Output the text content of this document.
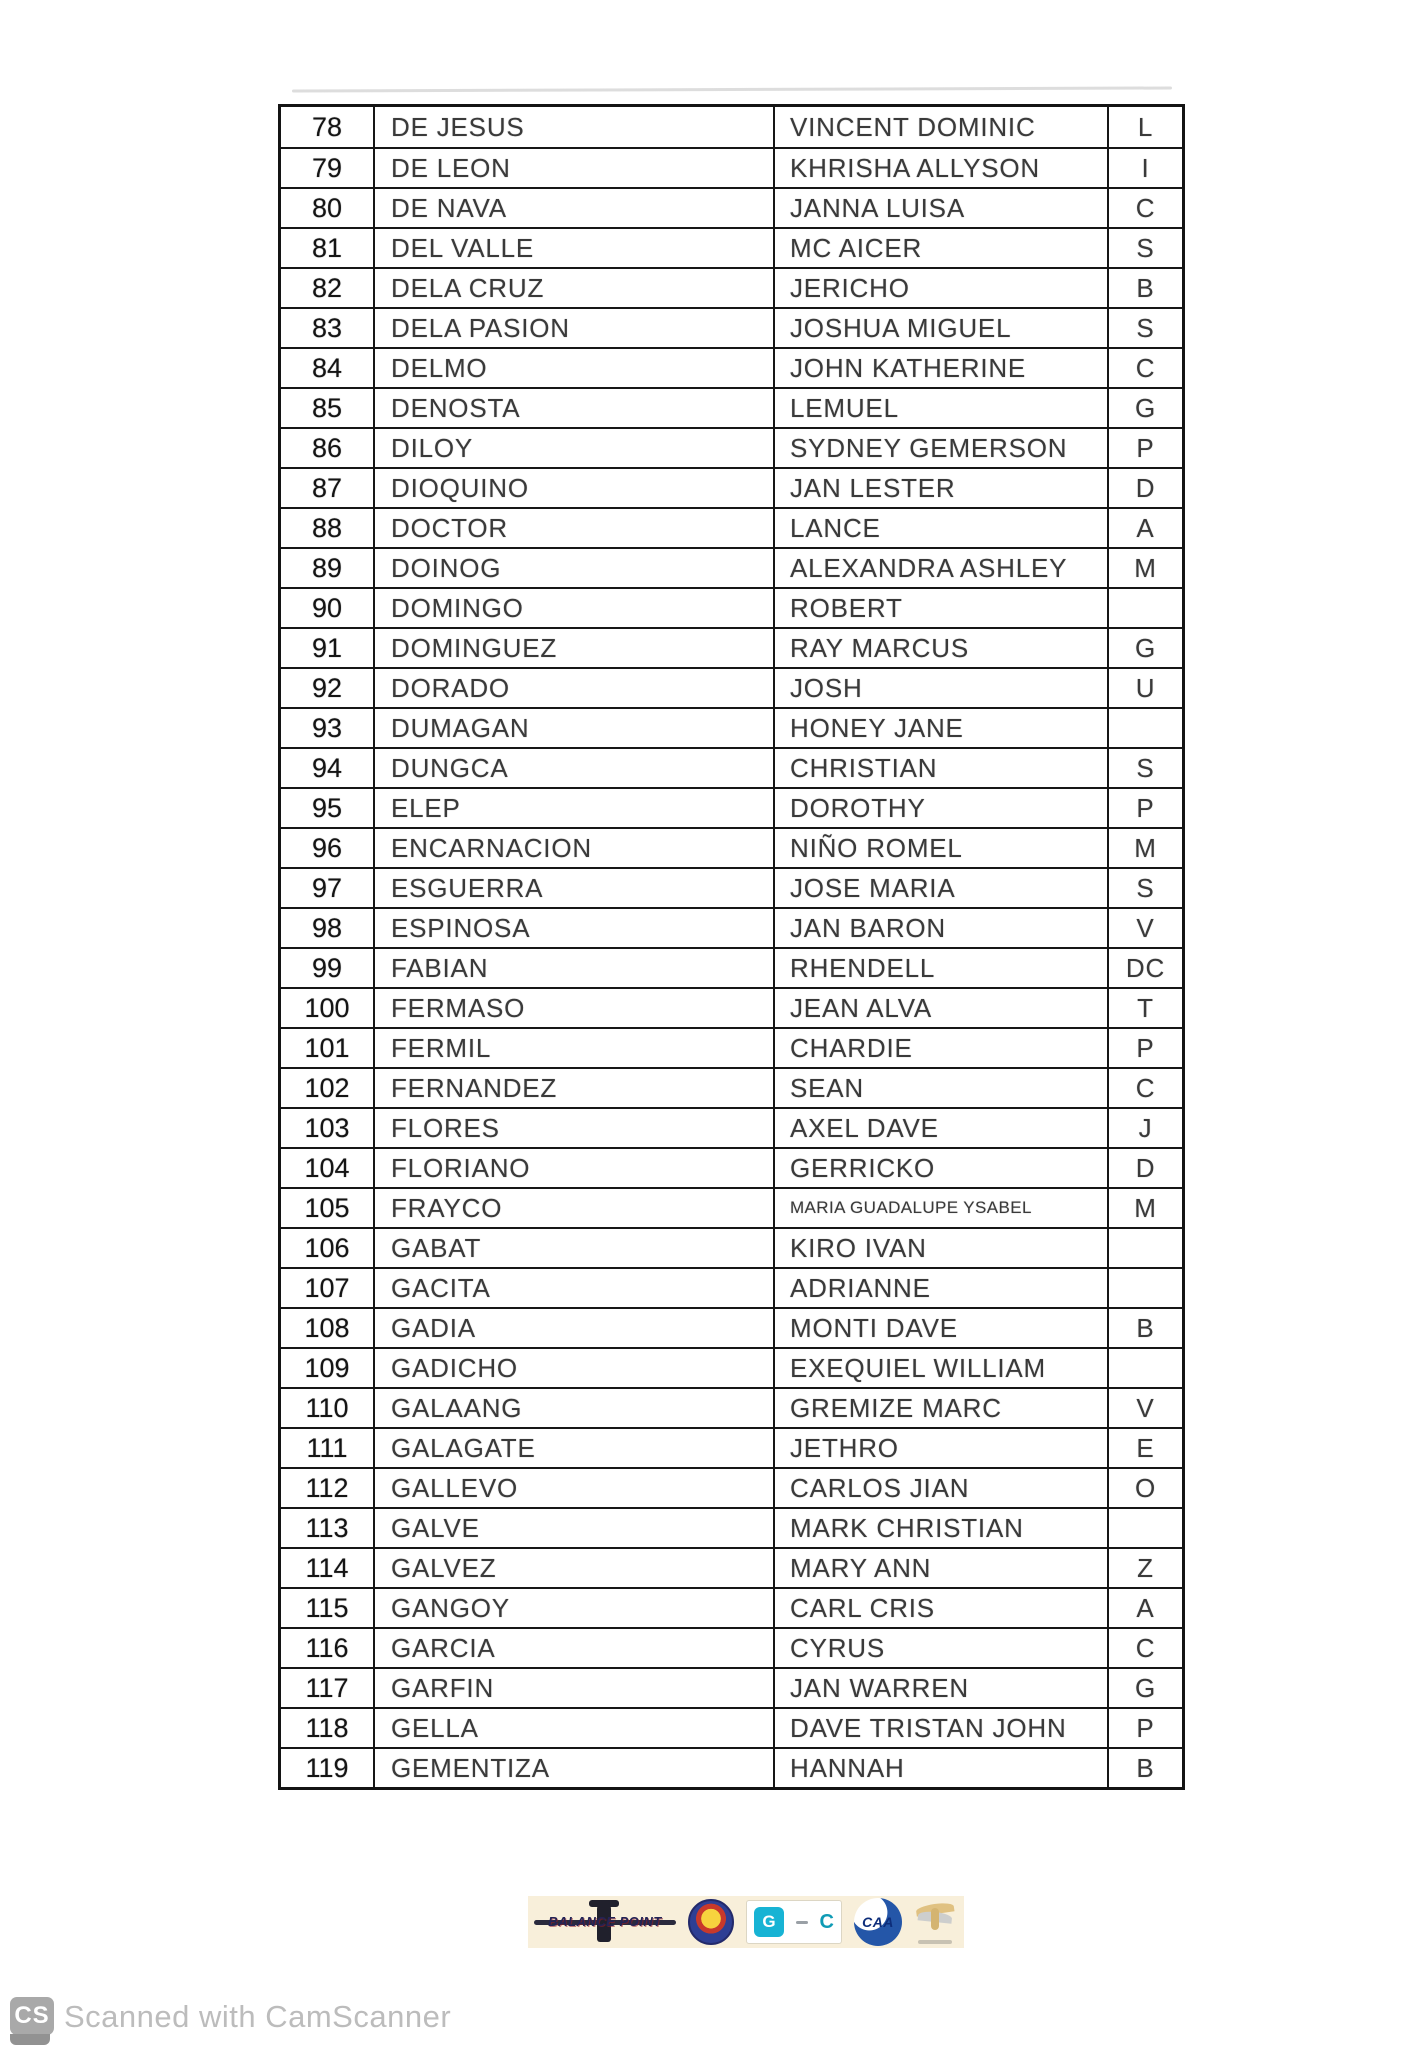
78	DE JESUS	VINCENT DOMINIC	L
79	DE LEON	KHRISHA ALLYSON	I
80	DE NAVA	JANNA LUISA	C
81	DEL VALLE	MC AICER	S
82	DELA CRUZ	JERICHO	B
83	DELA PASION	JOSHUA MIGUEL	S
84	DELMO	JOHN KATHERINE	C
85	DENOSTA	LEMUEL	G
86	DILOY	SYDNEY GEMERSON	P
87	DIOQUINO	JAN LESTER	D
88	DOCTOR	LANCE	A
89	DOINOG	ALEXANDRA ASHLEY	M
90	DOMINGO	ROBERT
91	DOMINGUEZ	RAY MARCUS	G
92	DORADO	JOSH	U
93	DUMAGAN	HONEY JANE
94	DUNGCA	CHRISTIAN	S
95	ELEP	DOROTHY	P
96	ENCARNACION	NIÑO ROMEL	M
97	ESGUERRA	JOSE MARIA	S
98	ESPINOSA	JAN BARON	V
99	FABIAN	RHENDELL	DC
100	FERMASO	JEAN ALVA	T
101	FERMIL	CHARDIE	P
102	FERNANDEZ	SEAN	C
103	FLORES	AXEL DAVE	J
104	FLORIANO	GERRICKO	D
105	FRAYCO	MARIA GUADALUPE YSABEL	M
106	GABAT	KIRO IVAN
107	GACITA	ADRIANNE
108	GADIA	MONTI DAVE	B
109	GADICHO	EXEQUIEL WILLIAM
110	GALAANG	GREMIZE MARC	V
111	GALAGATE	JETHRO	E
112	GALLEVO	CARLOS JIAN	O
113	GALVE	MARK CHRISTIAN
114	GALVEZ	MARY ANN	Z
115	GANGOY	CARL CRIS	A
116	GARCIA	CYRUS	C
117	GARFIN	JAN WARREN	G
118	GELLA	DAVE TRISTAN JOHN	P
119	GEMENTIZA	HANNAH	B
BALANCE POINT	G	C CAA
CS Scanned with CamScanner
